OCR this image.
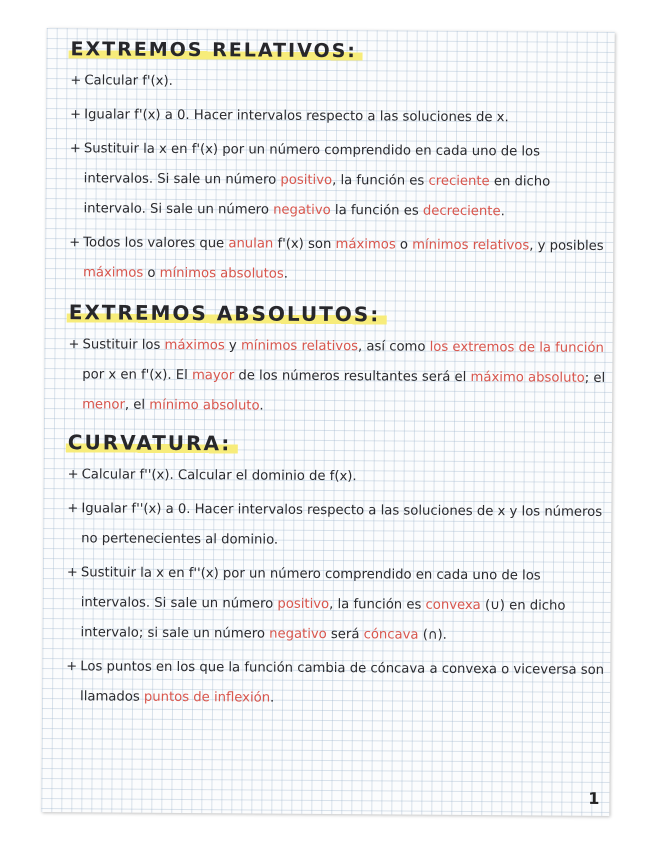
EXTREMOS RELATIVOS:
+ Calcular f'(x).
+ Igualar f'(x) a 0. Hacer intervalos respecto a las soluciones de x.
+ Sustituir la x en f'(x) por un número comprendido en cada uno de los intervalos. Si sale un número positivo, la función es creciente en dicho intervalo. Si sale un número negativo la función es decreciente.
+ Todos los valores que anulan f'(x) son máximos o mínimos relativos, y posibles máximos o mínimos absolutos.
EXTREMOS ABSOLUTOS:
+ Sustituir los máximos y mínimos relativos, así como los extremos de la función por x en f'(x). El mayor de los números resultantes será el máximo absoluto; el menor, el mínimo absoluto.
CURVATURA:
+ Calcular f''(x). Calcular el dominio de f(x).
+ Igualar f''(x) a 0. Hacer intervalos respecto a las soluciones de x y los números no pertenecientes al dominio.
+ Sustituir la x en f''(x) por un número comprendido en cada uno de los intervalos. Si sale un número positivo, la función es convexa (∪) en dicho intervalo; si sale un número negativo será cóncava (∩).
+ Los puntos en los que la función cambia de cóncava a convexa o viceversa son llamados puntos de inflexión.
1
